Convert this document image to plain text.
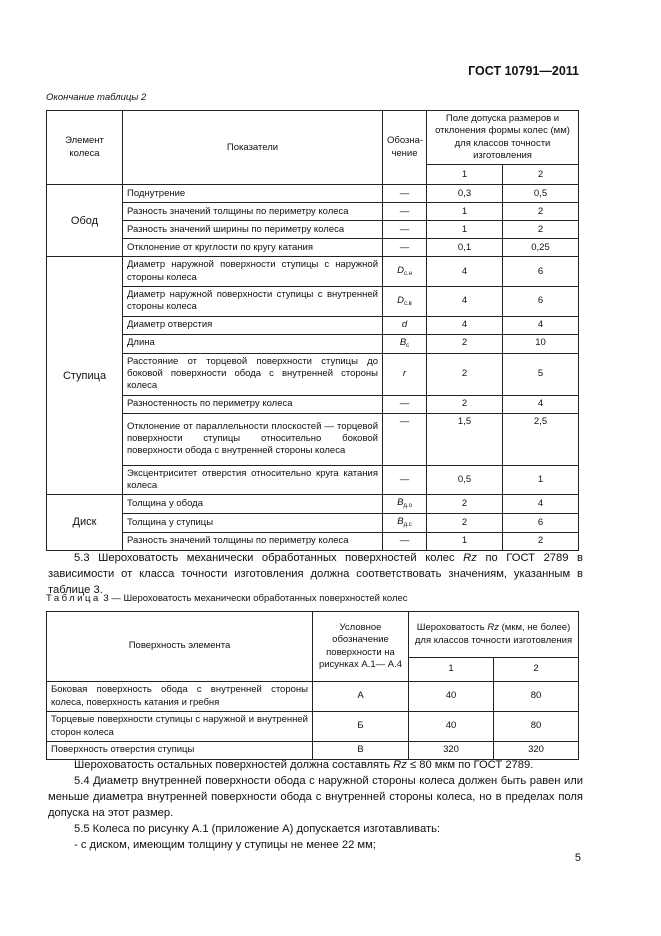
ГОСТ 10791—2011
Окончание таблицы 2
Элемент колеса	Показатели	Обозна-чение	Поле допуска размеров и отклонения формы колес (мм) для классов точности изготовления	
			1	2
Обод	Поднутрение	—	0,3	0,5
	Разность значений толщины по периметру колеса	—	1	2
	Разность значений ширины по периметру колеса	—	1	2
	Отклонение от круглости по кругу катания	—	0,1	0,25
Ступица	Диаметр наружной поверхности ступицы с наружной стороны колеса	$D_{с.н}$	4	6
	Диаметр наружной поверхности ступицы с внутренней стороны колеса	$D_{с.в}$	4	6
	Диаметр отверстия	d	4	4
	Длина	$B_с$	2	10
	Расстояние от торцевой поверхности ступицы до боковой поверхности обода с внутренней стороны колеса	r	2	5
	Разностенность по периметру колеса	—	2	4
	Отклонение от параллельности плоскостей — торцевой поверхности ступицы относительно боковой поверхности обода с внутренней стороны колеса	—	1,5	2,5
	Эксцентриситет отверстия относительно круга катания колеса	—	0,5	1
Диск	Толщина у обода	$B_{д.о}$	2	4
	Толщина у ступицы	$B_{д.с}$	2	6
	Разность значений толщины по периметру колеса	—	1	2

5.3 Шероховатость механически обработанных поверхностей колес Rz по ГОСТ 2789 в зависимости от класса точности изготовления должна соответствовать значениям, указанным в таблице 3.

Таблица 3 — Шероховатость механически обработанных поверхностей колес
Поверхность элемента	Условное обозначение поверхности на рисунках А.1— А.4	Шероховатость Rz (мкм, не более) для классов точности изготовления	
		1	2
Боковая поверхность обода с внутренней стороны колеса, поверхность катания и гребня	А	40	80
Торцевые поверхности ступицы с наружной и внутренней сторон колеса	Б	40	80
Поверхность отверстия ступицы	В	320	320

Шероховатость остальных поверхностей должна составлять Rz ≤ 80 мкм по ГОСТ 2789.

5.4 Диаметр внутренней поверхности обода с наружной стороны колеса должен быть равен или меньше диаметра внутренней поверхности обода с внутренней стороны колеса, но в пределах поля допуска на этот размер.

5.5 Колеса по рисунку А.1 (приложение А) допускается изготавливать:

- с диском, имеющим толщину у ступицы не менее 22 мм;

5
